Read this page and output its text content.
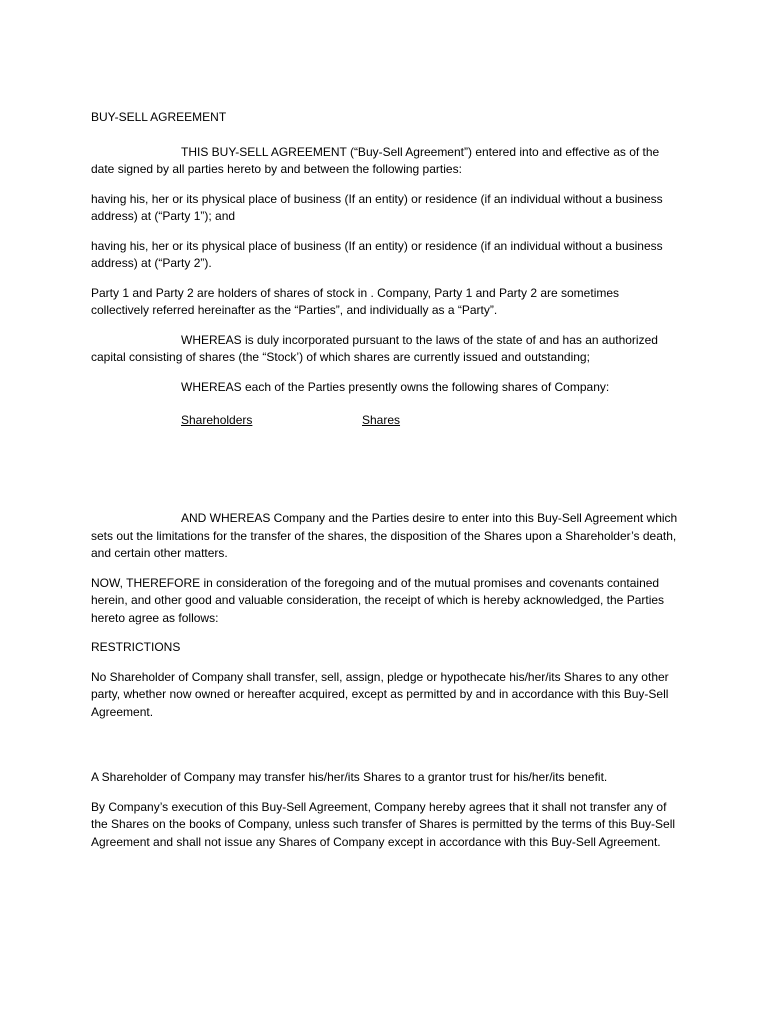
BUY-SELL AGREEMENT

THIS BUY-SELL AGREEMENT (“Buy-Sell Agreement”) entered into and effective as of the date signed by all parties hereto by and between the following parties:

having his, her or its physical place of business (If an entity) or residence (if an individual without a business address) at (“Party 1”); and

having his, her or its physical place of business (If an entity) or residence (if an individual without a business address) at (“Party 2”).

Party 1 and Party 2 are holders of shares of stock in . Company, Party 1 and Party 2 are sometimes collectively referred hereinafter as the “Parties”, and individually as a “Party”.

WHEREAS is duly incorporated pursuant to the laws of the state of and has an authorized capital consisting of shares (the “Stock’) of which shares are currently issued and outstanding;

WHEREAS each of the Parties presently owns the following shares of Company:

Shareholders	Shares

AND WHEREAS Company and the Parties desire to enter into this Buy-Sell Agreement which sets out the limitations for the transfer of the shares, the disposition of the Shares upon a Shareholder’s death, and certain other matters.

NOW, THEREFORE in consideration of the foregoing and of the mutual promises and covenants contained herein, and other good and valuable consideration, the receipt of which is hereby acknowledged, the Parties hereto agree as follows:

RESTRICTIONS

No Shareholder of Company shall transfer, sell, assign, pledge or hypothecate his/her/its Shares to any other party, whether now owned or hereafter acquired, except as permitted by and in accordance with this Buy-Sell Agreement.

A Shareholder of Company may transfer his/her/its Shares to a grantor trust for his/her/its benefit.

By Company’s execution of this Buy-Sell Agreement, Company hereby agrees that it shall not transfer any of the Shares on the books of Company, unless such transfer of Shares is permitted by the terms of this Buy-Sell Agreement and shall not issue any Shares of Company except in accordance with this Buy-Sell Agreement.
